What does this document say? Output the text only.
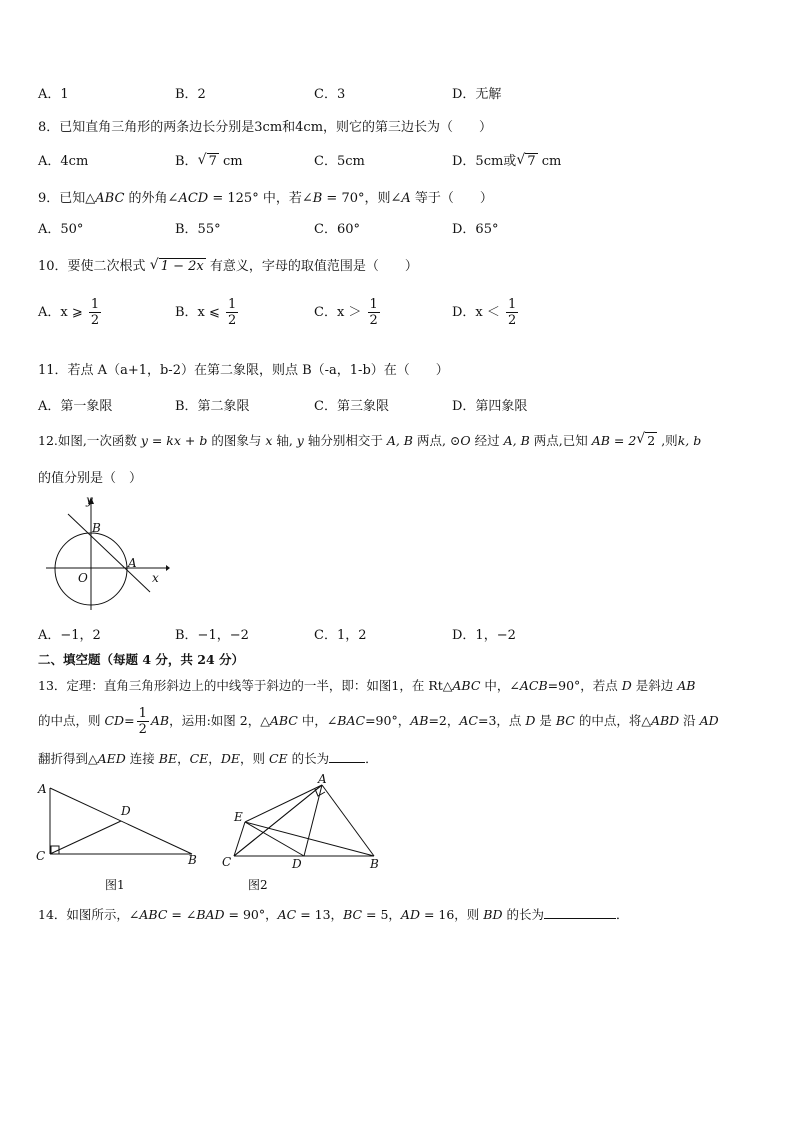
A．1	B．2	C．3	D．无解
8．已知直角三角形的两条边长分别是3cm和4cm，则它的第三边长为（　　）
A．4cm	B． √ 7 cm	C．5cm	D．5cm或 √ 7 cm
9．已知△ABC 的外角∠ACD = 125° 中，若∠B = 70°，则∠A 等于（　　）
A．50°	B．55°	C．60°	D．65°
10．要使二次根式 √ 1 − 2x 有意义，字母的取值范围是（　　）
A．x ⩾ $\frac{1}{2}$	B．x ⩽ $\frac{1}{2}$	C．$x > \frac{1}{2}$	D．$x < \frac{1}{2}$
11．若点 A（a+1，b-2）在第二象限，则点 B（-a，1-b）在（　　）
A．第一象限	B．第二象限	C．第三象限	D．第四象限
12.如图,一次函数 y = kx + b 的图象与 x 轴, y 轴分别相交于 A, B 两点, ⊙O 经过 A, B 两点,已知 AB = 2 √ 2 ,则k, b
的值分别是（　）
y
B
A
O	x
A．−1，2	B．−1，−2	C．1，2	D．1，−2
二、填空题（每题 4 分，共 24 分）
13．定理：直角三角形斜边上的中线等于斜边的一半，即：如图1，在 Rt△ABC 中，∠ACB=90°，若点 D 是斜边 AB
的中点，则 $CD= \frac{1}{2}$ AB，运用:如图 2，△ABC 中，∠BAC=90°，AB=2，AC=3，点 D 是 BC 的中点，将△ABD 沿 AD
翻折得到△AED 连接 BE，CE，DE，则 CE 的长为	．
A
D
C	B
图1
A
E
C	D	B
图2
14．如图所示，∠ABC = ∠BAD = 90°，AC = 13，BC = 5，AD = 16，则 BD 的长为	．
